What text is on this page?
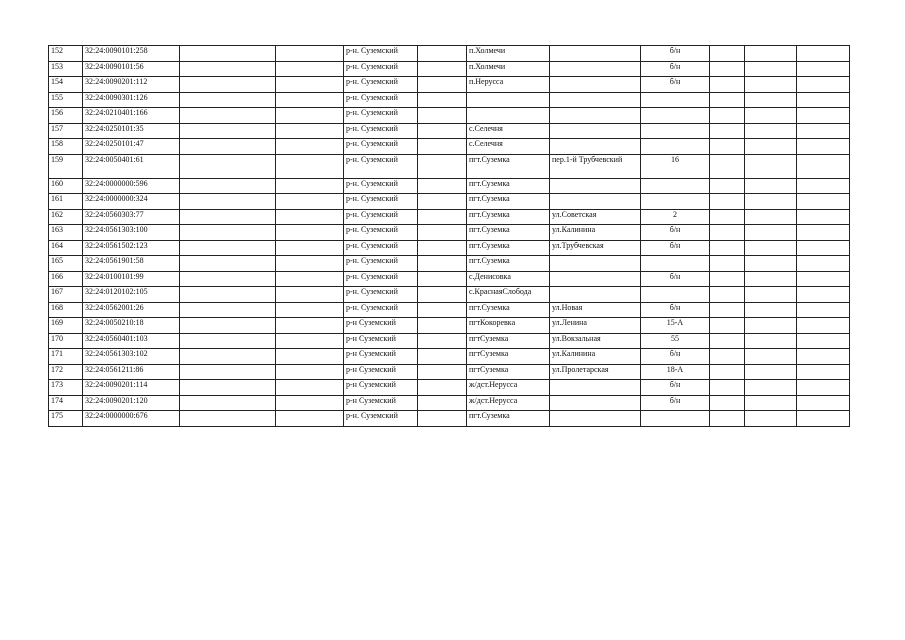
152	32:24:0090101:258			р-н. Суземский		п.Холмечи		б/н			
153	32:24:0090101:56			р-н. Суземский		п.Холмечи		б/н			
154	32:24:0090201:112			р-н. Суземский		п.Нерусса		б/н			
155	32:24:0090301:126			р-н. Суземский							
156	32:24:0210401:166			р-н. Суземский							
157	32:24:0250101:35			р-н. Суземский		с.Селечня					
158	32:24:0250101:47			р-н. Суземский		с.Селечня					
159	32:24:0050401:61			р-н. Суземский		пгт.Суземка	пер.1-й Трубчевский	16			
160	32:24:0000000:596			р-н. Суземский		пгт.Суземка					
161	32:24:0000000:324			р-н. Суземский		пгт.Суземка					
162	32:24:0560303:77			р-н. Суземский		пгт.Суземка	ул.Советская	2			
163	32:24:0561303:100			р-н. Суземский		пгт.Суземка	ул.Калинина	б/н			
164	32:24:0561502:123			р-н. Суземский		пгт.Суземка	ул.Трубчевская	б/н			
165	32:24:0561901:58			р-н. Суземский		пгт.Суземка					
166	32:24:0100101:99			р-н. Суземский		с.Денисовка		б/н			
167	32:24:0120102:105			р-н. Суземский		с.КраснаяСлобода					
168	32:24:0562001:26			р-н. Суземский		пгт.Суземка	ул.Новая	б/н			
169	32:24:0050210:18			р-н Суземский		пгтКокоревка	ул.Ленина	15-А			
170	32:24:0560401:103			р-н Суземский		пгтСуземка	ул.Вокзальная	55			
171	32:24:0561303:102			р-н Суземский		пгтСуземка	ул.Калинина	б/н			
172	32:24:0561211:86			р-н Суземский		пгтСуземка	ул.Пролетарская	18-А			
173	32:24:0090201:114			р-н Суземский		ж/дст.Нерусса		б/н			
174	32:24:0090201:120			р-н Суземский		ж/дст.Нерусса		б/н			
175	32:24:0000000:676			р-н. Суземский		пгт.Суземка					
